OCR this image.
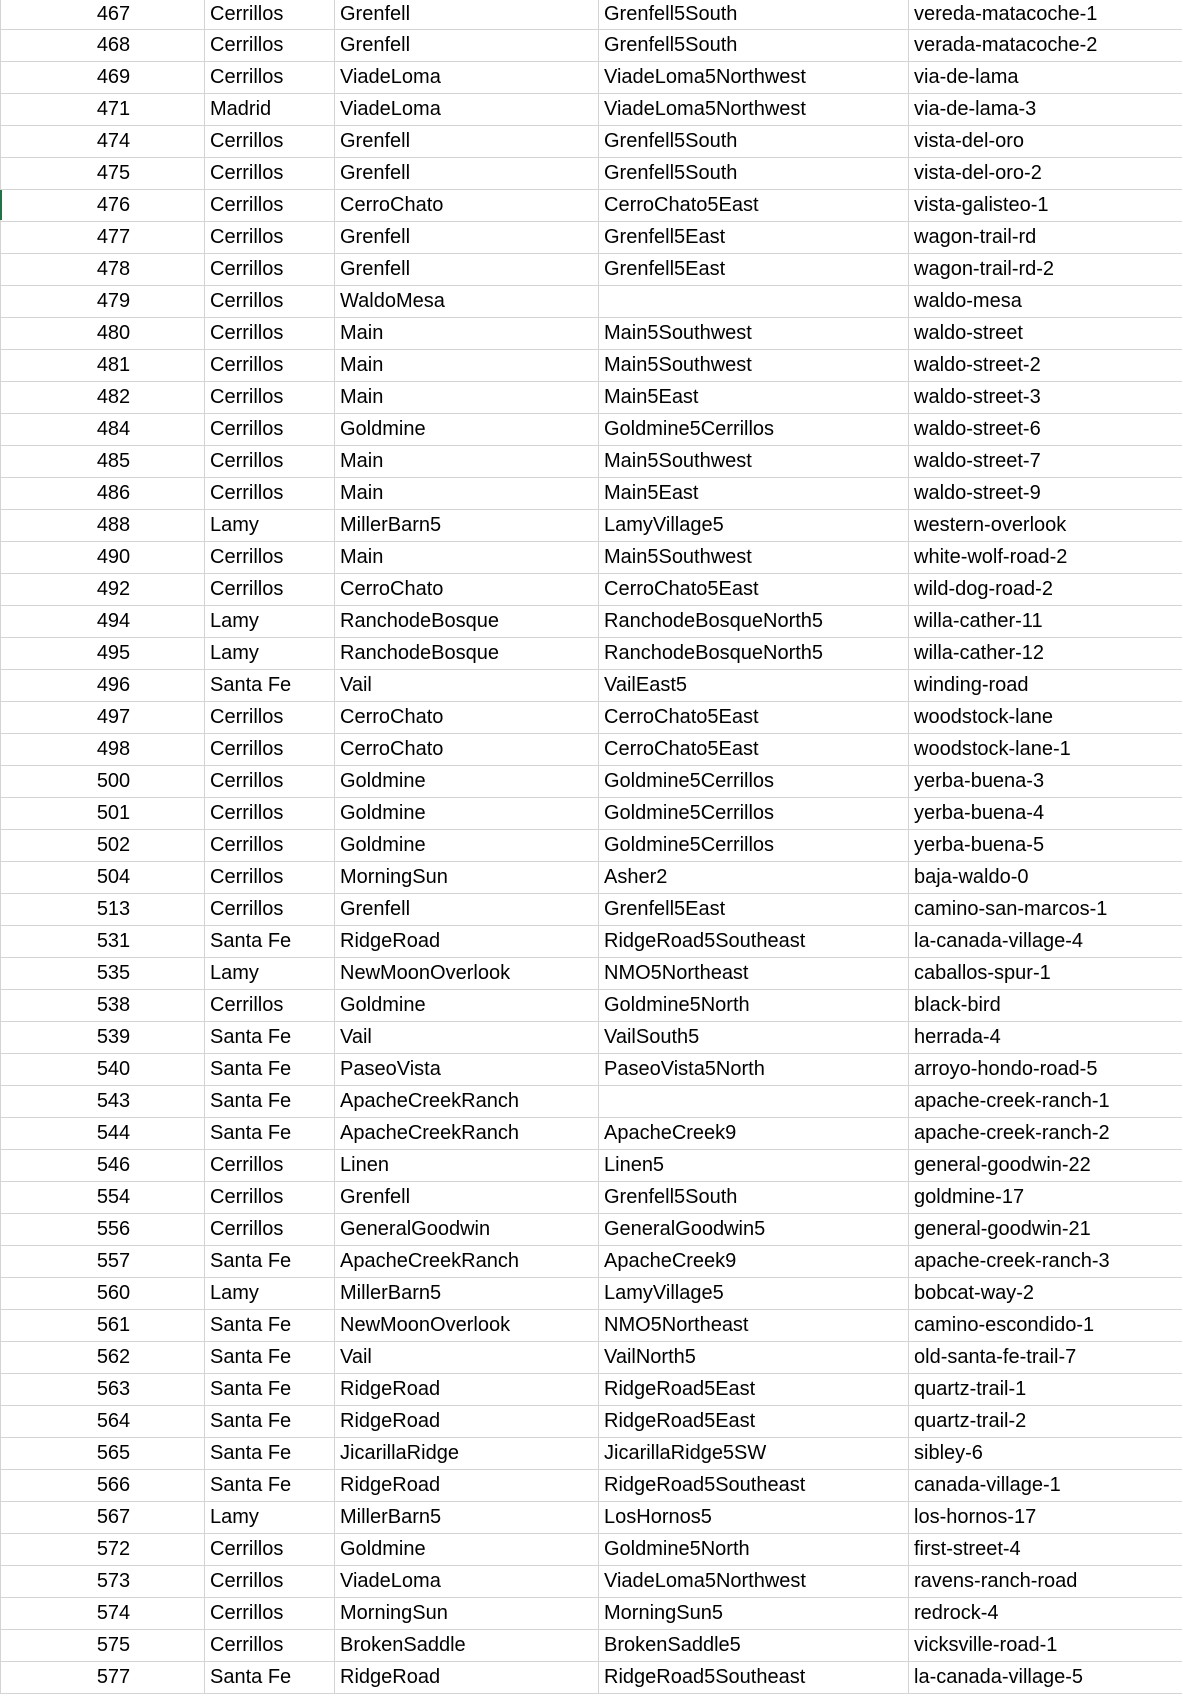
467	Cerrillos	Grenfell	Grenfell5South	vereda-matacoche-1
468	Cerrillos	Grenfell	Grenfell5South	verada-matacoche-2
469	Cerrillos	ViadeLoma	ViadeLoma5Northwest	via-de-lama
471	Madrid	ViadeLoma	ViadeLoma5Northwest	via-de-lama-3
474	Cerrillos	Grenfell	Grenfell5South	vista-del-oro
475	Cerrillos	Grenfell	Grenfell5South	vista-del-oro-2
476	Cerrillos	CerroChato	CerroChato5East	vista-galisteo-1
477	Cerrillos	Grenfell	Grenfell5East	wagon-trail-rd
478	Cerrillos	Grenfell	Grenfell5East	wagon-trail-rd-2
479	Cerrillos	WaldoMesa		waldo-mesa
480	Cerrillos	Main	Main5Southwest	waldo-street
481	Cerrillos	Main	Main5Southwest	waldo-street-2
482	Cerrillos	Main	Main5East	waldo-street-3
484	Cerrillos	Goldmine	Goldmine5Cerrillos	waldo-street-6
485	Cerrillos	Main	Main5Southwest	waldo-street-7
486	Cerrillos	Main	Main5East	waldo-street-9
488	Lamy	MillerBarn5	LamyVillage5	western-overlook
490	Cerrillos	Main	Main5Southwest	white-wolf-road-2
492	Cerrillos	CerroChato	CerroChato5East	wild-dog-road-2
494	Lamy	RanchodeBosque	RanchodeBosqueNorth5	willa-cather-11
495	Lamy	RanchodeBosque	RanchodeBosqueNorth5	willa-cather-12
496	Santa Fe	Vail	VailEast5	winding-road
497	Cerrillos	CerroChato	CerroChato5East	woodstock-lane
498	Cerrillos	CerroChato	CerroChato5East	woodstock-lane-1
500	Cerrillos	Goldmine	Goldmine5Cerrillos	yerba-buena-3
501	Cerrillos	Goldmine	Goldmine5Cerrillos	yerba-buena-4
502	Cerrillos	Goldmine	Goldmine5Cerrillos	yerba-buena-5
504	Cerrillos	MorningSun	Asher2	baja-waldo-0
513	Cerrillos	Grenfell	Grenfell5East	camino-san-marcos-1
531	Santa Fe	RidgeRoad	RidgeRoad5Southeast	la-canada-village-4
535	Lamy	NewMoonOverlook	NMO5Northeast	caballos-spur-1
538	Cerrillos	Goldmine	Goldmine5North	black-bird
539	Santa Fe	Vail	VailSouth5	herrada-4
540	Santa Fe	PaseoVista	PaseoVista5North	arroyo-hondo-road-5
543	Santa Fe	ApacheCreekRanch		apache-creek-ranch-1
544	Santa Fe	ApacheCreekRanch	ApacheCreek9	apache-creek-ranch-2
546	Cerrillos	Linen	Linen5	general-goodwin-22
554	Cerrillos	Grenfell	Grenfell5South	goldmine-17
556	Cerrillos	GeneralGoodwin	GeneralGoodwin5	general-goodwin-21
557	Santa Fe	ApacheCreekRanch	ApacheCreek9	apache-creek-ranch-3
560	Lamy	MillerBarn5	LamyVillage5	bobcat-way-2
561	Santa Fe	NewMoonOverlook	NMO5Northeast	camino-escondido-1
562	Santa Fe	Vail	VailNorth5	old-santa-fe-trail-7
563	Santa Fe	RidgeRoad	RidgeRoad5East	quartz-trail-1
564	Santa Fe	RidgeRoad	RidgeRoad5East	quartz-trail-2
565	Santa Fe	JicarillaRidge	JicarillaRidge5SW	sibley-6
566	Santa Fe	RidgeRoad	RidgeRoad5Southeast	canada-village-1
567	Lamy	MillerBarn5	LosHornos5	los-hornos-17
572	Cerrillos	Goldmine	Goldmine5North	first-street-4
573	Cerrillos	ViadeLoma	ViadeLoma5Northwest	ravens-ranch-road
574	Cerrillos	MorningSun	MorningSun5	redrock-4
575	Cerrillos	BrokenSaddle	BrokenSaddle5	vicksville-road-1
577	Santa Fe	RidgeRoad	RidgeRoad5Southeast	la-canada-village-5
